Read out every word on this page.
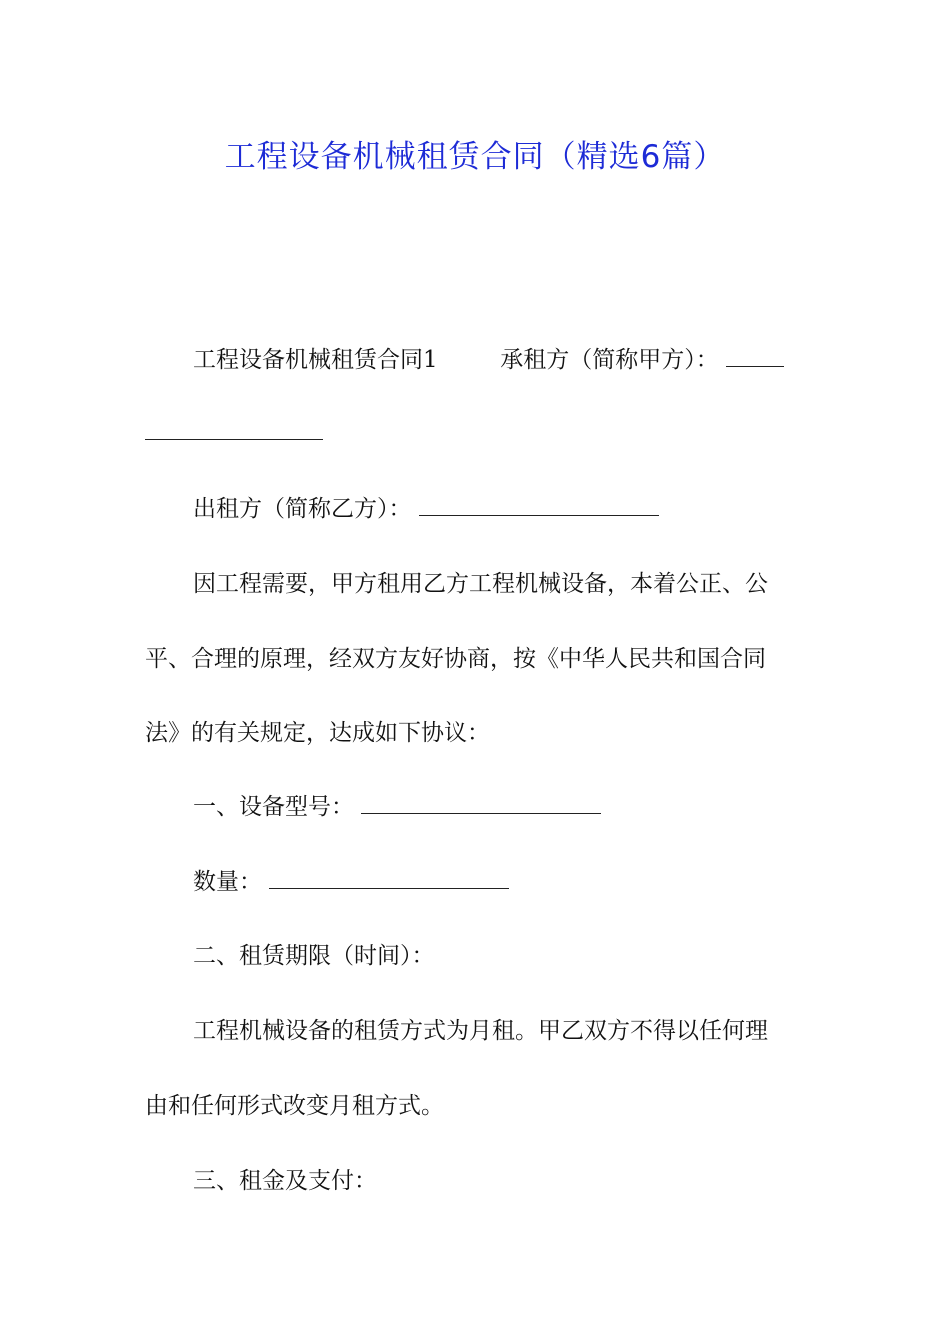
工程设备机械租赁合同（精选6篇）
工程设备机械租赁合同1	承租方（简称甲方）：
出租方（简称乙方）：
因工程需要，甲方租用乙方工程机械设备，本着公正、公
平、合理的原理，经双方友好协商，按《中华人民共和国合同
法》的有关规定，达成如下协议：
一、设备型号：
数量：
二、租赁期限（时间）：
工程机械设备的租赁方式为月租。甲乙双方不得以任何理
由和任何形式改变月租方式。
三、租金及支付：
